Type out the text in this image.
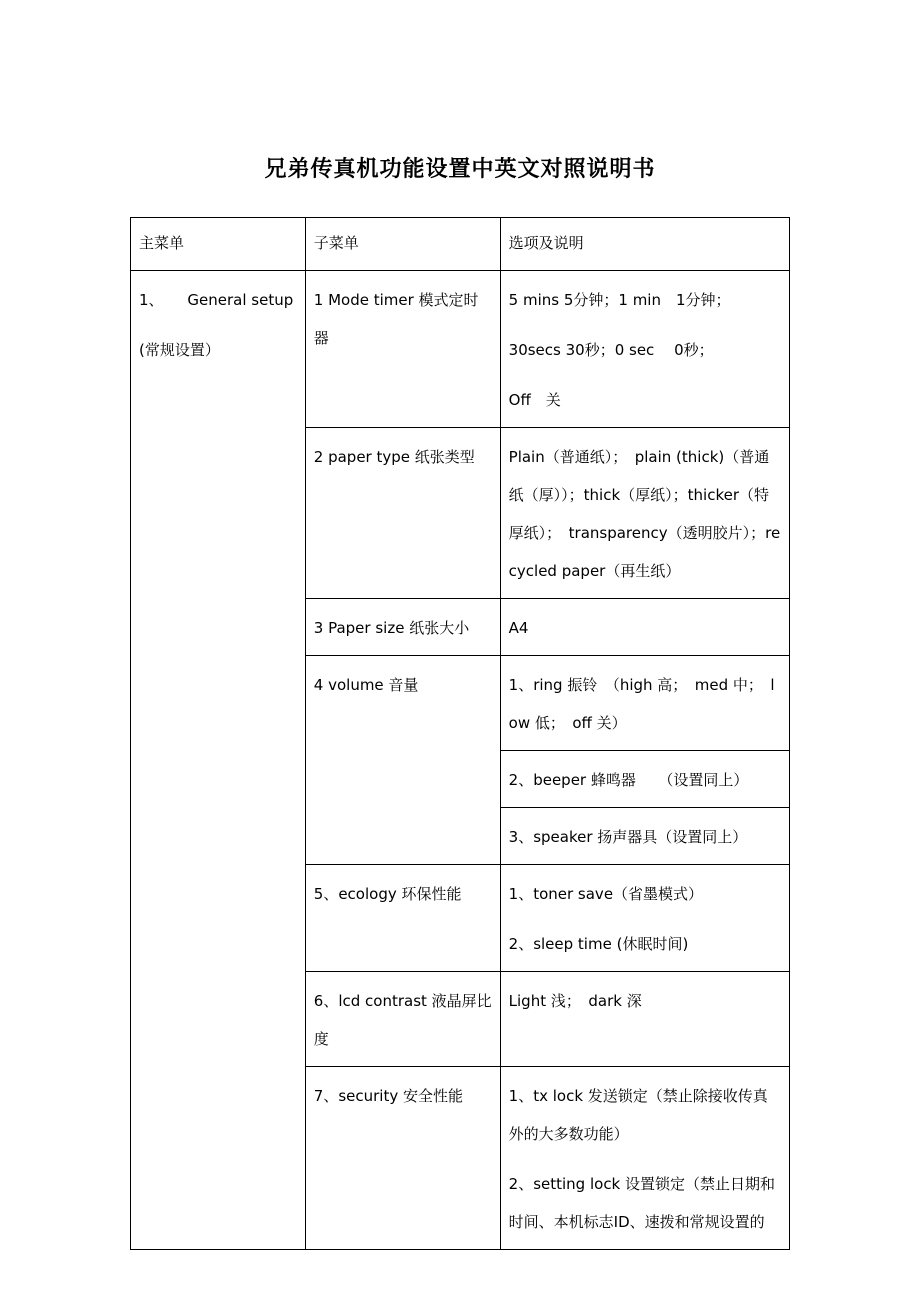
兄弟传真机功能设置中英文对照说明书
主菜单	子菜单	选项及说明

1、 General setup
(常规设置）	1 Mode timer 模式定时器	5 mins 5分钟；1 min　1分钟；
30secs 30秒；0 sec　 0秒；
Off　关

	2 paper type 纸张类型	Plain（普通纸）；　plain (thick)（普通纸（厚））；thick（厚纸）；thicker（特厚纸）；　transparency（透明胶片）；recycled paper（再生纸）
	3 Paper size 纸张大小	A4
	4 volume 音量	1、ring 振铃　（high 高；　med 中；　low 低；　off 关）
		2、beeper 蜂鸣器　　（设置同上）
		3、speaker 扬声器具（设置同上）
	5、ecology 环保性能	1、toner save（省墨模式）
2、sleep time (休眠时间)

	6、lcd contrast 液晶屏比度	Light 浅；　dark 深
	7、security 安全性能	1、tx lock 发送锁定（禁止除接收传真外的大多数功能）
2、setting lock 设置锁定（禁止日期和时间、本机标志ID、速拨和常规设置的
